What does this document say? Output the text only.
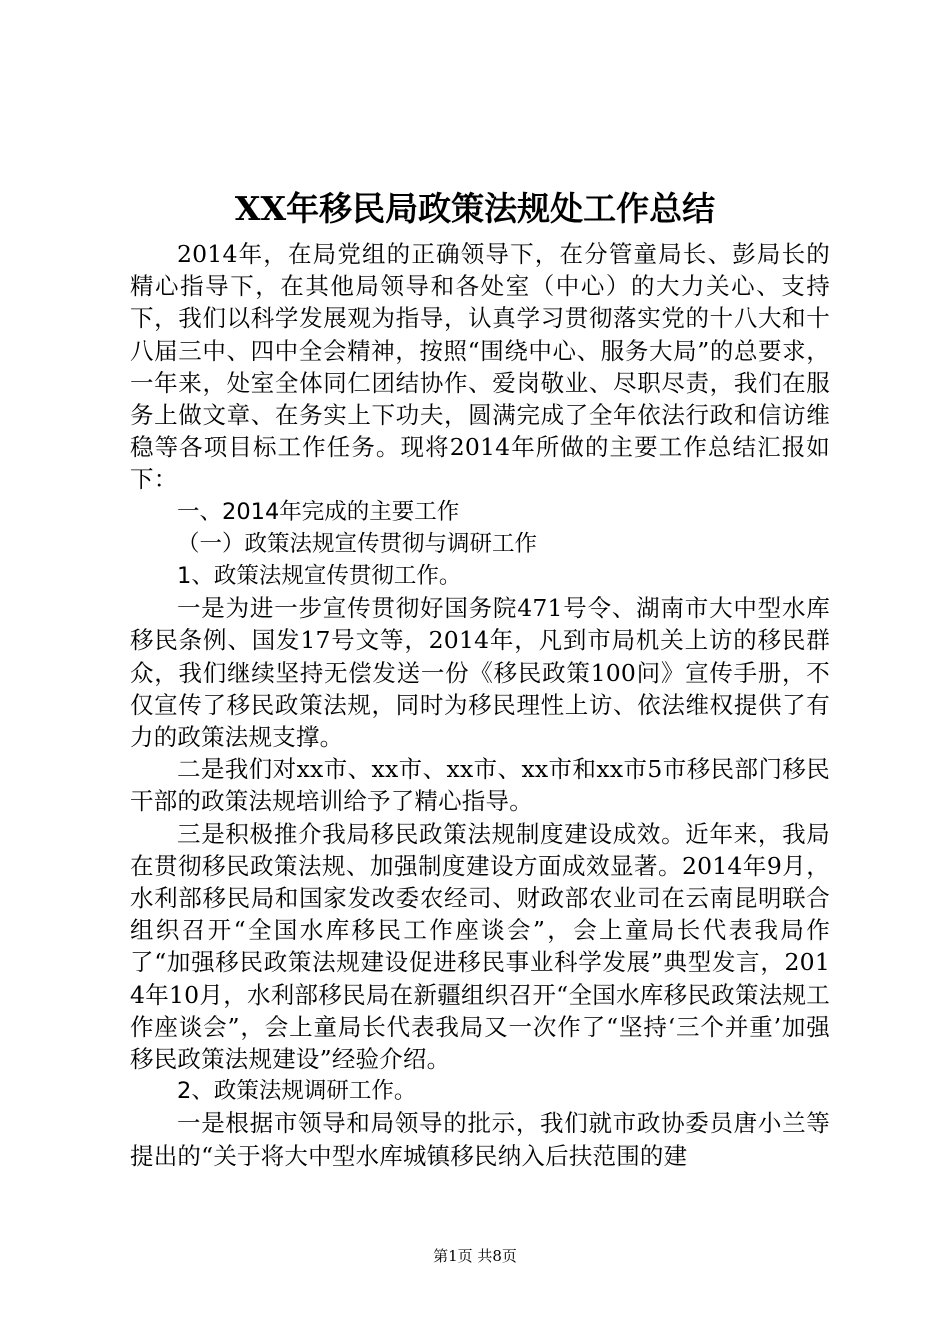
XX年移民局政策法规处工作总结

2014年，在局党组的正确领导下，在分管童局长、彭局长的精心指导下，在其他局领导和各处室（中心）的大力关心、支持下，我们以科学发展观为指导，认真学习贯彻落实党的十八大和十八届三中、四中全会精神，按照“围绕中心、服务大局”的总要求，一年来，处室全体同仁团结协作、爱岗敬业、尽职尽责，我们在服务上做文章、在务实上下功夫，圆满完成了全年依法行政和信访维稳等各项目标工作任务。现将2014年所做的主要工作总结汇报如下：

一、2014年完成的主要工作

（一）政策法规宣传贯彻与调研工作

1、政策法规宣传贯彻工作。

一是为进一步宣传贯彻好国务院471号令、湖南市大中型水库移民条例、国发17号文等，2014年，凡到市局机关上访的移民群众，我们继续坚持无偿发送一份《移民政策100问》宣传手册，不仅宣传了移民政策法规，同时为移民理性上访、依法维权提供了有力的政策法规支撑。

二是我们对xx市、xx市、xx市、xx市和xx市5市移民部门移民干部的政策法规培训给予了精心指导。

三是积极推介我局移民政策法规制度建设成效。近年来，我局在贯彻移民政策法规、加强制度建设方面成效显著。2014年9月，水利部移民局和国家发改委农经司、财政部农业司在云南昆明联合组织召开“全国水库移民工作座谈会”，会上童局长代表我局作了“加强移民政策法规建设促进移民事业科学发展”典型发言，2014年10月，水利部移民局在新疆组织召开“全国水库移民政策法规工作座谈会”，会上童局长代表我局又一次作了“坚持‘三个并重’加强移民政策法规建设”经验介绍。

2、政策法规调研工作。

一是根据市领导和局领导的批示，我们就市政协委员唐小兰等提出的“关于将大中型水库城镇移民纳入后扶范围的建

第1页 共8页
